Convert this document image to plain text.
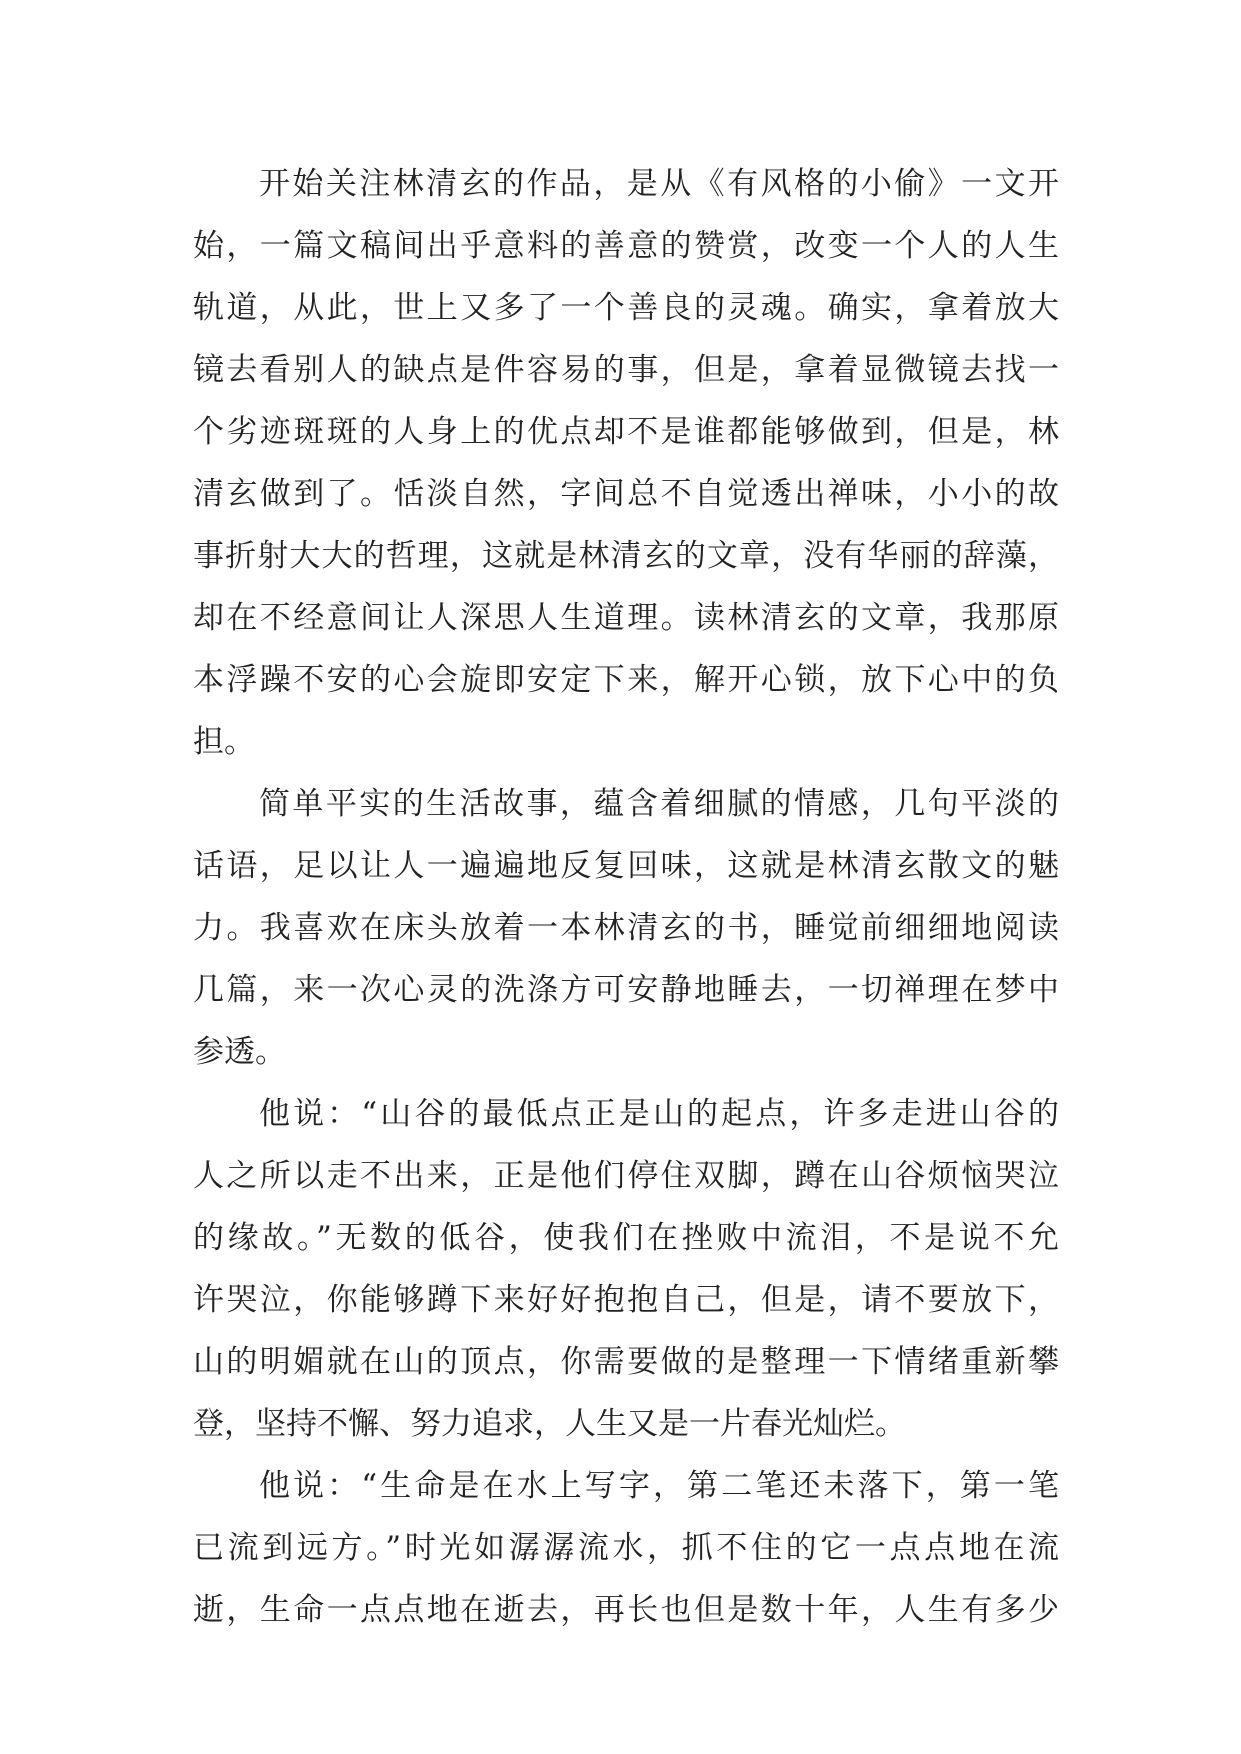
开始关注林清玄的作品，是从《有风格的小偷》一文开
始，一篇文稿间出乎意料的善意的赞赏，改变一个人的人生
轨道，从此，世上又多了一个善良的灵魂。确实，拿着放大
镜去看别人的缺点是件容易的事，但是，拿着显微镜去找一
个劣迹斑斑的人身上的优点却不是谁都能够做到，但是，林
清玄做到了。恬淡自然，字间总不自觉透出禅味，小小的故
事折射大大的哲理，这就是林清玄的文章，没有华丽的辞藻，
却在不经意间让人深思人生道理。读林清玄的文章，我那原
本浮躁不安的心会旋即安定下来，解开心锁，放下心中的负
担。
简单平实的生活故事，蕴含着细腻的情感，几句平淡的
话语，足以让人一遍遍地反复回味，这就是林清玄散文的魅
力。我喜欢在床头放着一本林清玄的书，睡觉前细细地阅读
几篇，来一次心灵的洗涤方可安静地睡去，一切禅理在梦中
参透。
他说：“山谷的最低点正是山的起点，许多走进山谷的
人之所以走不出来，正是他们停住双脚，蹲在山谷烦恼哭泣
的缘故。”无数的低谷，使我们在挫败中流泪，不是说不允
许哭泣，你能够蹲下来好好抱抱自己，但是，请不要放下，
山的明媚就在山的顶点，你需要做的是整理一下情绪重新攀
登，坚持不懈、努力追求，人生又是一片春光灿烂。
他说：“生命是在水上写字，第二笔还未落下，第一笔
已流到远方。”时光如潺潺流水，抓不住的它一点点地在流
逝，生命一点点地在逝去，再长也但是数十年，人生有多少
